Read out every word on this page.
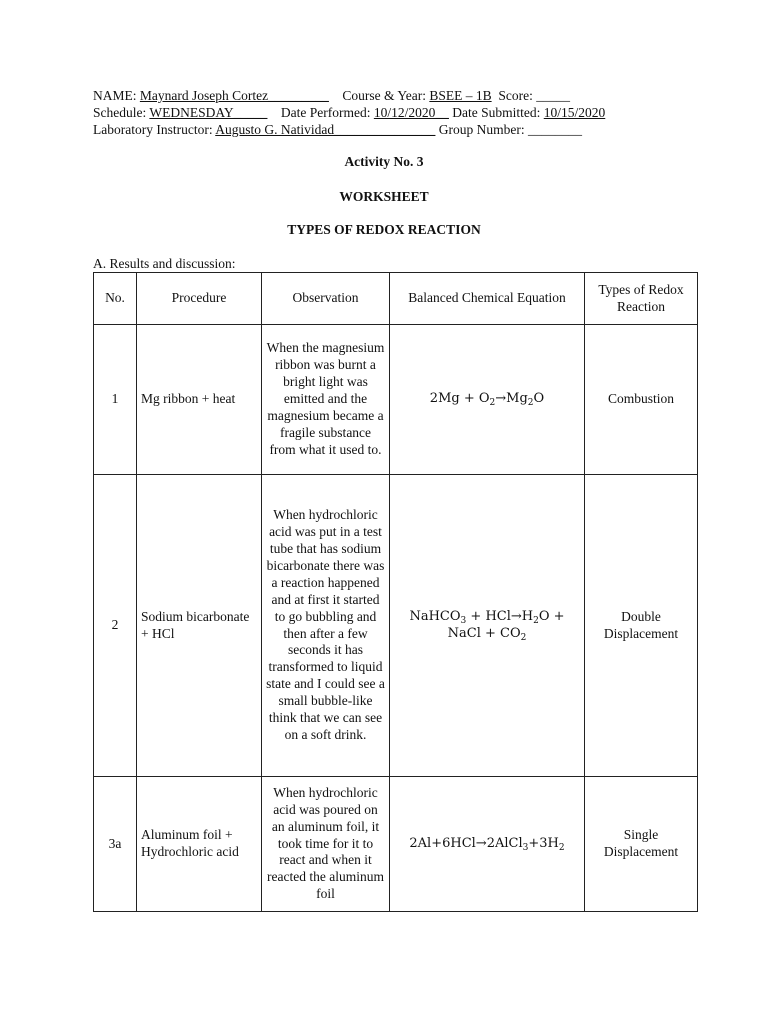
NAME: Maynard Joseph Cortez_________ Course & Year: BSEE – 1B Score: _____
Schedule: WEDNESDAY_____ Date Performed: 10/12/2020__ Date Submitted: 10/15/2020
Laboratory Instructor: Augusto G. Natividad_______________ Group Number: ________
Activity No. 3
WORKSHEET
TYPES OF REDOX REACTION
A. Results and discussion:
No.	Procedure	Observation	Balanced Chemical Equation	Types of Redox Reaction
1	Mg ribbon + heat	When the magnesium ribbon was burnt a bright light was emitted and the magnesium became a fragile substance from what it used to.	$2Mg + O_2\to Mg_2O$	Combustion
2	Sodium bicarbonate + HCl	When hydrochloric acid was put in a test tube that has sodium bicarbonate there was a reaction happened and at first it started to go bubbling and then after a few seconds it has transformed to liquid state and I could see a small bubble-like think that we can see on a soft drink.	NaHCO$_3$ + $HCl\to H_2O$ + NaCl + $CO_2$	Double Displacement
3a	Aluminum foil + Hydrochloric acid	When hydrochloric acid was poured on an aluminum foil, it took time for it to react and when it reacted the aluminum foil	$2Al+6HCl\to 2AlCl_3+3H_2$	Single Displacement
